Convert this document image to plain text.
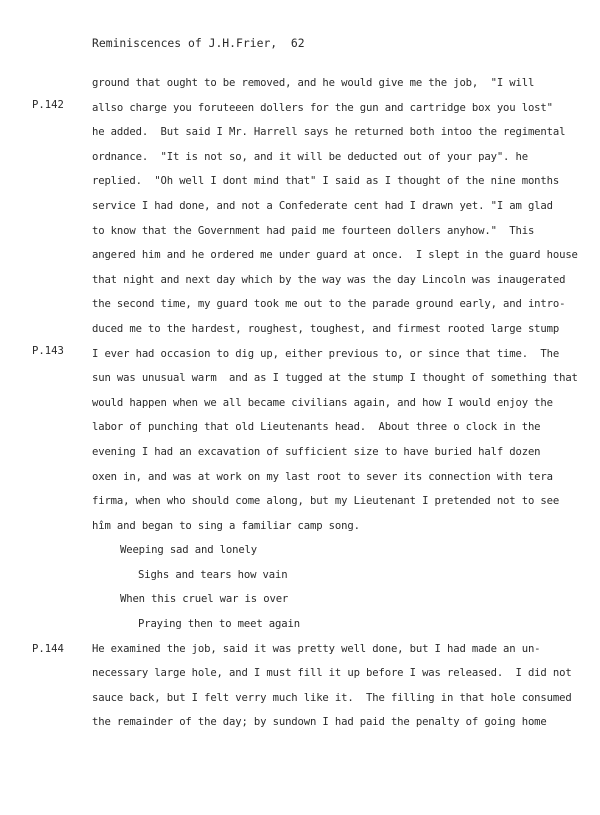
Reminiscences of J.H.Frier,  62
P.142
P.143
P.144
ground that ought to be removed, and he would give me the job,  "I will
allso charge you foruteeen dollers for the gun and cartridge box you lost"
he added.  But said I Mr. Harrell says he returned both intoo the regimental
ordnance.  "It is not so, and it will be deducted out of your pay". he
replied.  "Oh well I dont mind that" I said as I thought of the nine months
service I had done, and not a Confederate cent had I drawn yet. "I am glad
to know that the Government had paid me fourteen dollers anyhow."  This
angered him and he ordered me under guard at once.  I slept in the guard house
that night and next day which by the way was the day Lincoln was inaugerated
the second time, my guard took me out to the parade ground early, and intro-
duced me to the hardest, roughest, toughest, and firmest rooted large stump
I ever had occasion to dig up, either previous to, or since that time.  The
sun was unusual warm  and as I tugged at the stump I thought of something that
would happen when we all became civilians again, and how I would enjoy the
labor of punching that old Lieutenants head.  About three o clock in the
evening I had an excavation of sufficient size to have buried half dozen
oxen in, and was at work on my last root to sever its connection with tera
firma, when who should come along, but my Lieutenant I pretended not to see
hîm and began to sing a familiar camp song.
Weeping sad and lonely
Sighs and tears how vain
When this cruel war is over
Praying then to meet again
He examined the job, said it was pretty well done, but I had made an un-
necessary large hole, and I must fill it up before I was released.  I did not
sauce back, but I felt verry much like it.  The filling in that hole consumed
the remainder of the day; by sundown I had paid the penalty of going home
